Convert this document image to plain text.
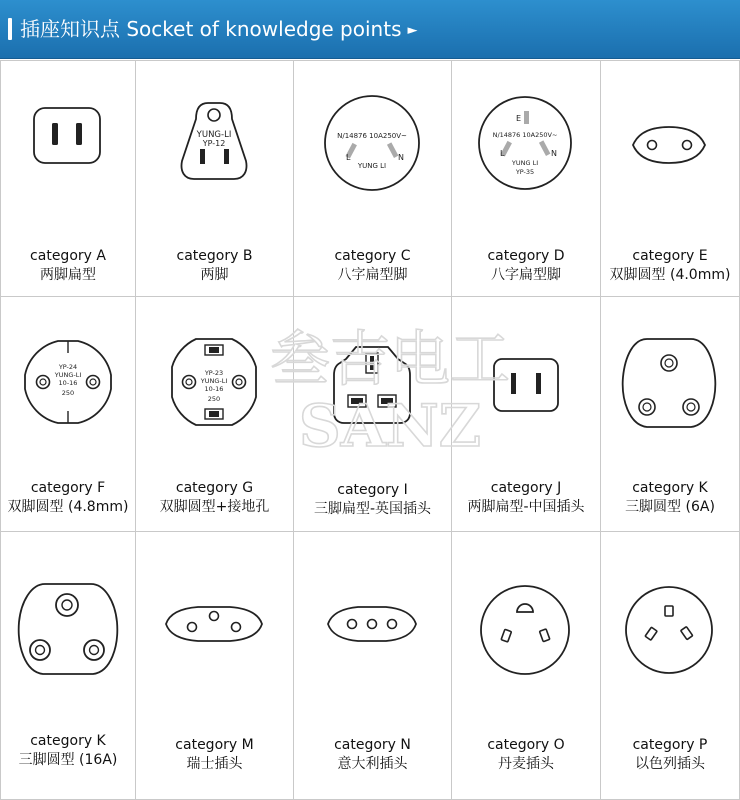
插座知识点 Socket of knowledge points ►
category A
两脚扁型
YUNG-LI
YP-12
category B
两脚
N/14876 10A250V~
L	N
YUNG LI
category C
八字扁型脚
E
N/14876 10A250V~
L	N
YUNG LI
YP-35
category D
八字扁型脚
category E
双脚圆型 (4.0mm)
YP-24
YUNG-LI
10-16
250
category F
双脚圆型 (4.8mm)
YP-23
YUNG-LI
10-16
250
category G
双脚圆型+接地孔
category I
三脚扁型-英国插头
category J
两脚扁型-中国插头
category K
三脚圆型 (6A)
category K
三脚圆型 (16A)
category M
瑞士插头
category N
意大利插头
category O
丹麦插头
category P
以色列插头
叁吉电工
SANZ
